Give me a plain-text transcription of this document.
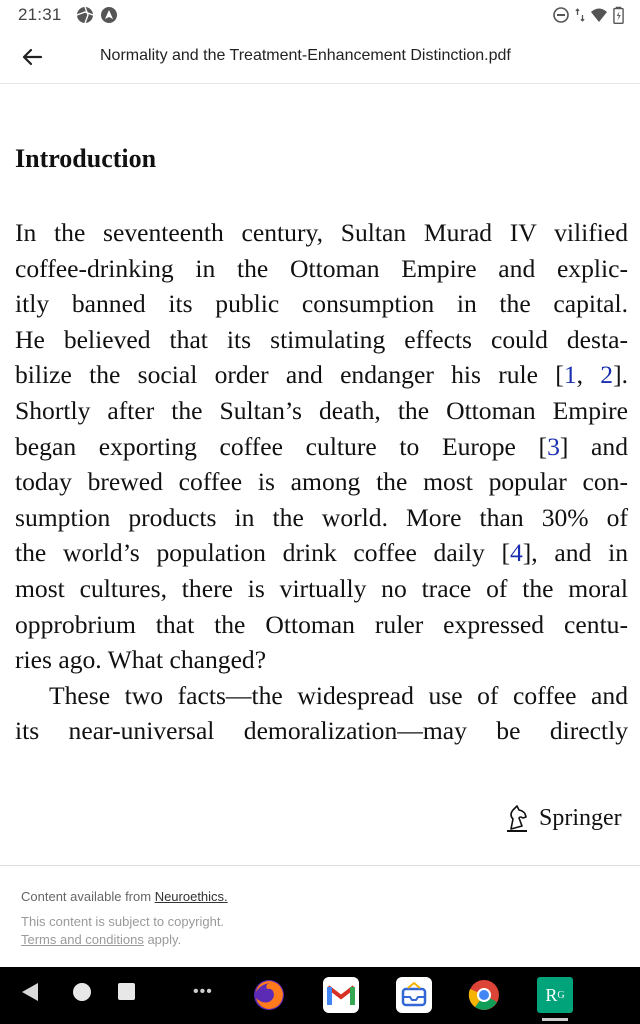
21:31
Normality and the Treatment-Enhancement Distinction.pdf
Introduction
In the seventeenth century, Sultan Murad IV vilified
coffee-drinking in the Ottoman Empire and explic-
itly banned its public consumption in the capital.
He believed that its stimulating effects could desta-
bilize the social order and endanger his rule [1, 2].
Shortly after the Sultan’s death, the Ottoman Empire
began exporting coffee culture to Europe [3] and
today brewed coffee is among the most popular con-
sumption products in the world. More than 30% of
the world’s population drink coffee daily [4], and in
most cultures, there is virtually no trace of the moral
opprobrium that the Ottoman ruler expressed centu-
ries ago. What changed?
These two facts—the widespread use of coffee and
its near-universal demoralization—may be directly
Springer
Content available from Neuroethics.
This content is subject to copyright.
Terms and conditions apply.
•••	R G
